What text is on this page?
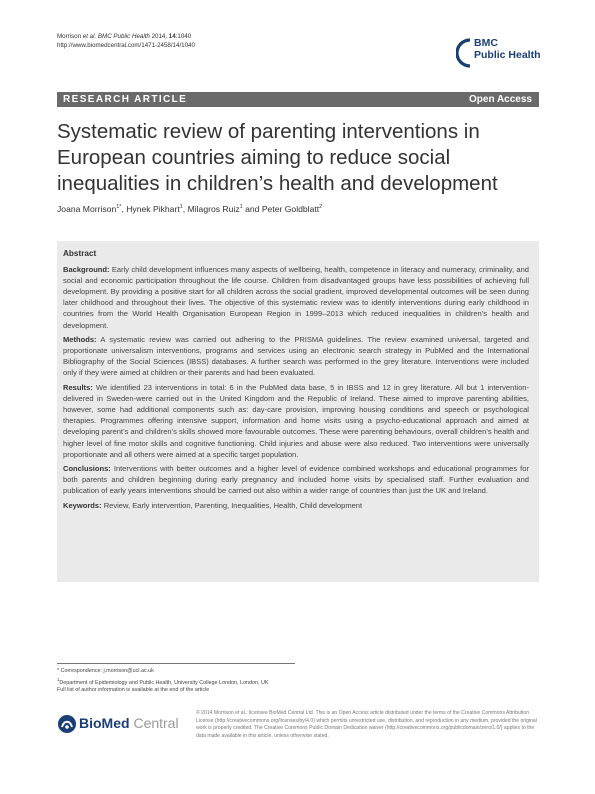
Morrison et al. BMC Public Health 2014, 14:1040
http://www.biomedcentral.com/1471-2458/14/1040	BMC
Public Health
RESEARCH ARTICLE	Open Access
Systematic review of parenting interventions in European countries aiming to reduce social inequalities in children’s health and development
Joana Morrison$^{1*}$, Hynek Pikhart$^1$, Milagros Ruiz$^1$ and Peter Goldblatt$^2$
Abstract

Background: Early child development influences many aspects of wellbeing, health, competence in literacy and numeracy, criminality, and social and economic participation throughout the life course. Children from disadvantaged groups have less possibilities of achieving full development. By providing a positive start for all children across the social gradient, improved developmental outcomes will be seen during later childhood and throughout their lives. The objective of this systematic review was to identify interventions during early childhood in countries from the World Health Organisation European Region in 1999–2013 which reduced inequalities in children’s health and development.

Methods: A systematic review was carried out adhering to the PRISMA guidelines. The review examined universal, targeted and proportionate universalism interventions, programs and services using an electronic search strategy in PubMed and the International Bibliography of the Social Sciences (IBSS) databases. A further search was performed in the grey literature. Interventions were included only if they were aimed at children or their parents and had been evaluated.

Results: We identified 23 interventions in total: 6 in the PubMed data base, 5 in IBSS and 12 in grey literature. All but 1 intervention-delivered in Sweden-were carried out in the United Kingdom and the Republic of Ireland. These aimed to improve parenting abilities, however, some had additional components such as: day-care provision, improving housing conditions and speech or psychological therapies. Programmes offering intensive support, information and home visits using a psycho-educational approach and aimed at developing parent’s and children’s skills showed more favourable outcomes. These were parenting behaviours, overall children’s health and higher level of fine motor skills and cognitive functioning. Child injuries and abuse were also reduced. Two interventions were universally proportionate and all others were aimed at a specific target population.

Conclusions: Interventions with better outcomes and a higher level of evidence combined workshops and educational programmes for both parents and children beginning during early pregnancy and included home visits by specialised staff. Further evaluation and publication of early years interventions should be carried out also within a wider range of countries than just the UK and Ireland.

Keywords: Review, Early intervention, Parenting, Inequalities, Health, Child development

* Correspondence: j.morrison@ucl.ac.uk

$^1$Department of Epidemiology and Public Health, University College London, London, UK

Full list of author information is available at the end of the article

BioMed Central
© 2014 Morrison et al.; licensee BioMed Central Ltd. This is an Open Access article distributed under the terms of the Creative Commons Attribution License (http://creativecommons.org/licenses/by/4.0) which permits unrestricted use, distribution, and reproduction in any medium, provided the original work is properly credited. The Creative Commons Public Domain Dedication waiver (http://creativecommons.org/publicdomain/zero/1.0/) applies to the data made available in this article, unless otherwise stated.
